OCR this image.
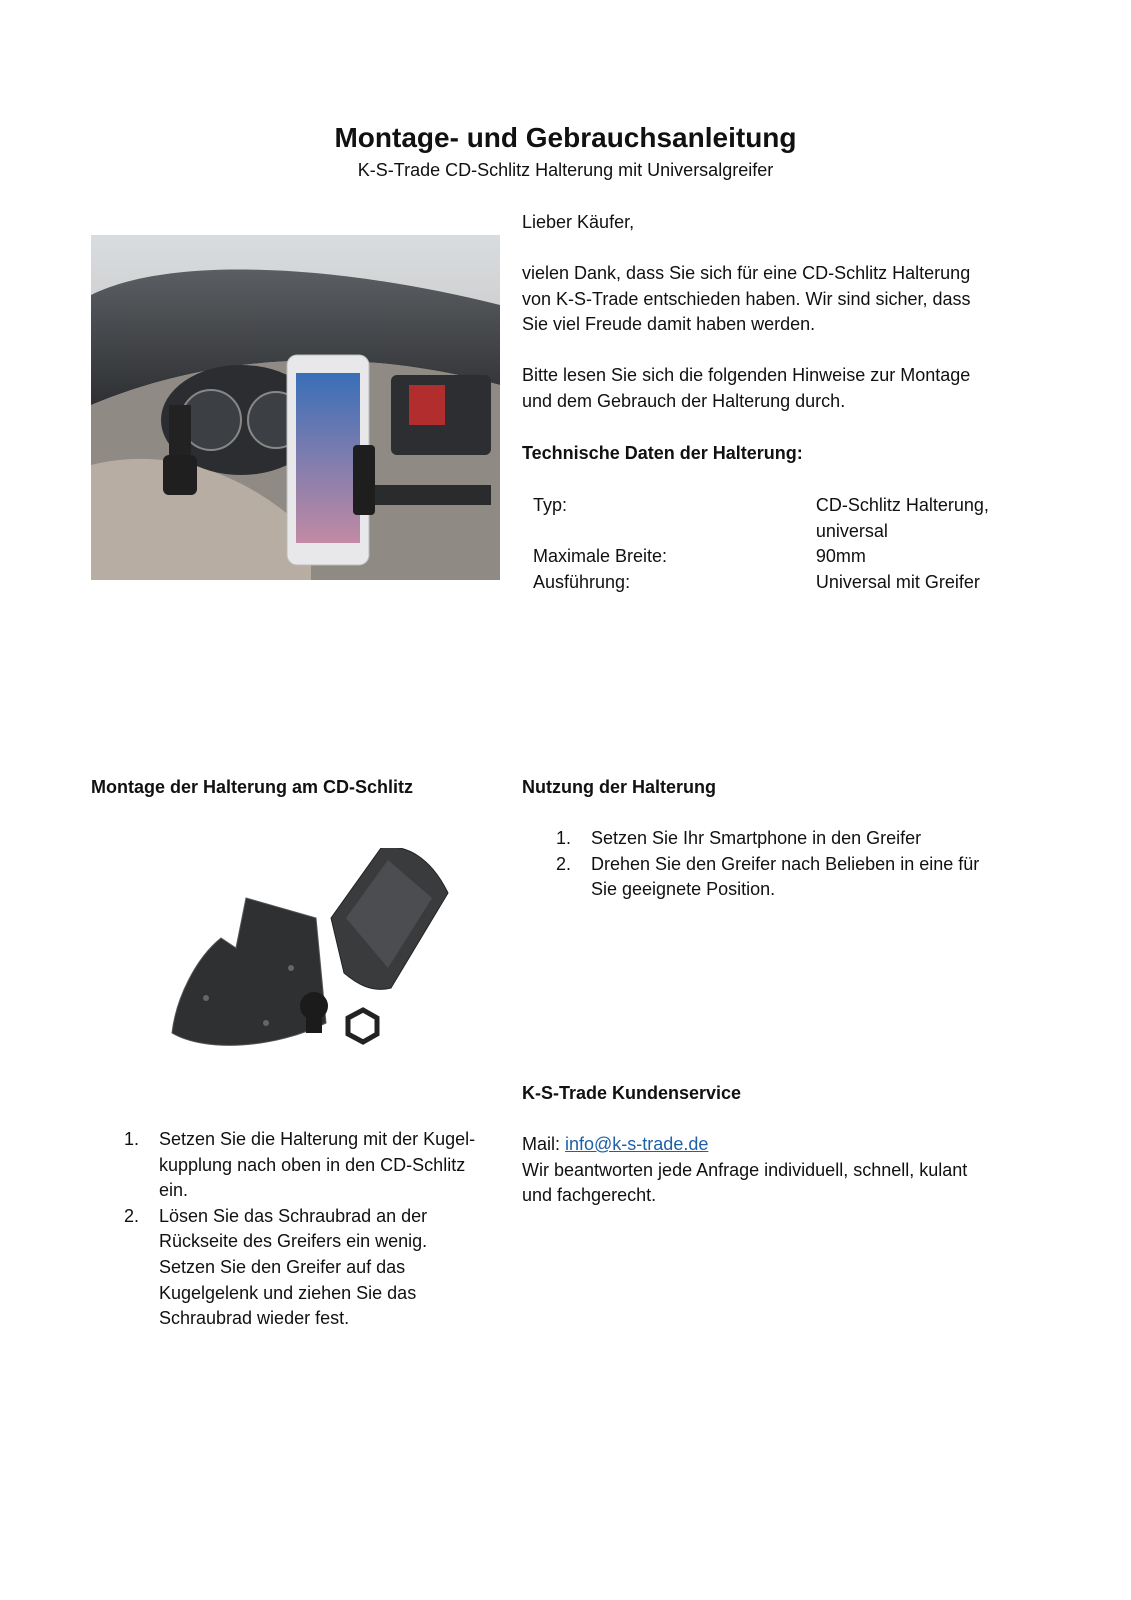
Montage- und Gebrauchsanleitung
K-S-Trade CD-Schlitz Halterung mit Universalgreifer
Lieber Käufer,
vielen Dank, dass Sie sich für eine CD-Schlitz Halterung
von K-S-Trade entschieden haben. Wir sind sicher, dass
Sie viel Freude damit haben werden.
Bitte lesen Sie sich die folgenden Hinweise zur Montage
und dem Gebrauch der Halterung durch.
Technische Daten der Halterung:
Typ:	CD-Schlitz Halterung,
universal
Maximale Breite:	90mm
Ausführung:	Universal mit Greifer
Montage der Halterung am CD-Schlitz
1.	Setzen Sie die Halterung mit der Kugel-
kupplung nach oben in den CD-Schlitz
ein.
2.	Lösen Sie das Schraubrad an der
Rückseite des Greifers ein wenig.
Setzen Sie den Greifer auf das
Kugelgelenk und ziehen Sie das
Schraubrad wieder fest.
Nutzung der Halterung
1.	Setzen Sie Ihr Smartphone in den Greifer
2.	Drehen Sie den Greifer nach Belieben in eine für
Sie geeignete Position.
K-S-Trade Kundenservice
Mail: info@k-s-trade.de
Wir beantworten jede Anfrage individuell, schnell, kulant
und fachgerecht.
